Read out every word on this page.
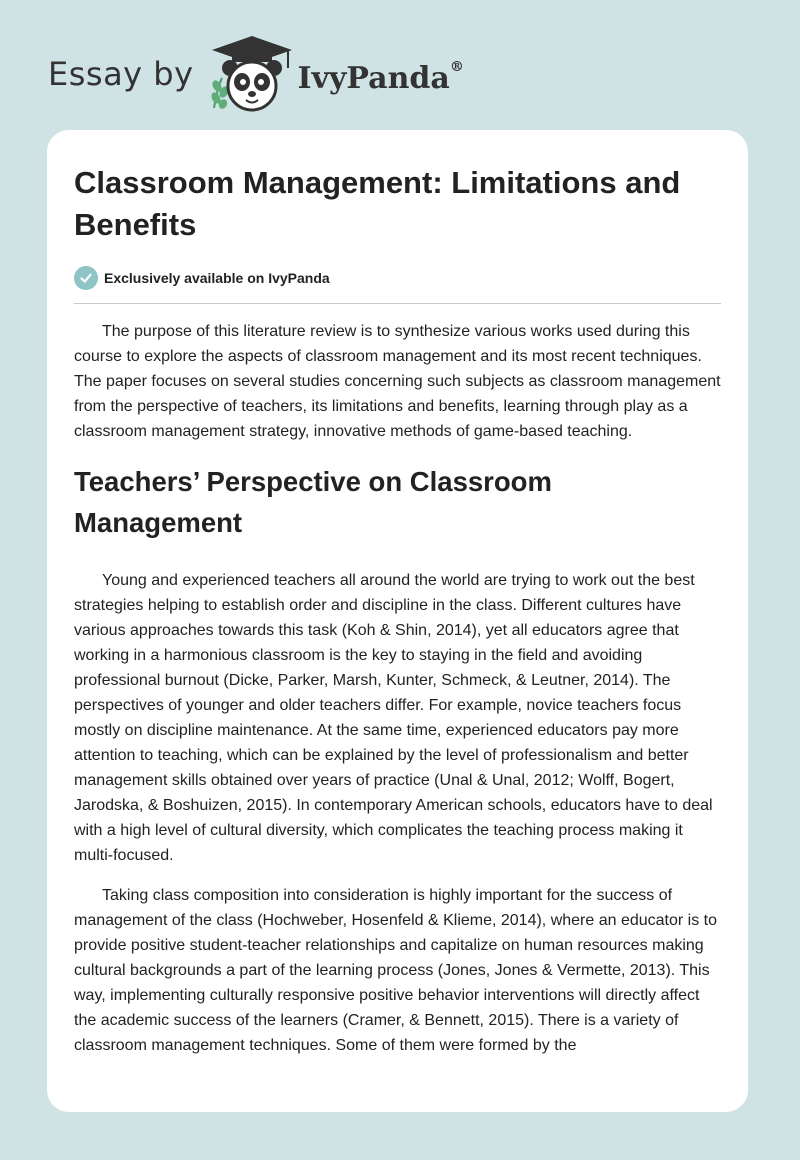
Essay by	IvyPanda®
Classroom Management: Limitations and Benefits
Exclusively available on IvyPanda

The purpose of this literature review is to synthesize various works used during this course to explore the aspects of classroom management and its most recent techniques. The paper focuses on several studies concerning such subjects as classroom management from the perspective of teachers, its limitations and benefits, learning through play as a classroom management strategy, innovative methods of game-based teaching.

Teachers’ Perspective on Classroom Management

Young and experienced teachers all around the world are trying to work out the best strategies helping to establish order and discipline in the class. Different cultures have various approaches towards this task (Koh & Shin, 2014), yet all educators agree that working in a harmonious classroom is the key to staying in the field and avoiding professional burnout (Dicke, Parker, Marsh, Kunter, Schmeck, & Leutner, 2014). The perspectives of younger and older teachers differ. For example, novice teachers focus mostly on discipline maintenance. At the same time, experienced educators pay more attention to teaching, which can be explained by the level of professionalism and better management skills obtained over years of practice (Unal & Unal, 2012; Wolff, Bogert, Jarodska, & Boshuizen, 2015). In contemporary American schools, educators have to deal with a high level of cultural diversity, which complicates the teaching process making it multi-focused.

Taking class composition into consideration is highly important for the success of management of the class (Hochweber, Hosenfeld & Klieme, 2014), where an educator is to provide positive student-teacher relationships and capitalize on human resources making cultural backgrounds a part of the learning process (Jones, Jones & Vermette, 2013). This way, implementing culturally responsive positive behavior interventions will directly affect the academic success of the learners (Cramer, & Bennett, 2015). There is a variety of classroom management techniques. Some of them were formed by the
